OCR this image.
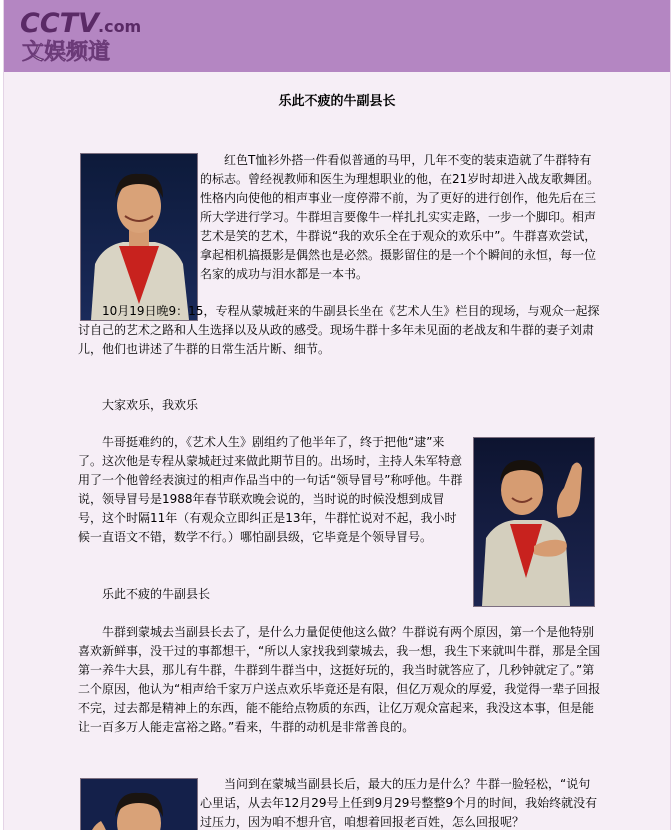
CCTV .com
文娱频道
乐此不疲的牛副县长

红色T恤衫外搭一件看似普通的马甲，几年不变的装束造就了牛群特有的标志。曾经视教师和医生为理想职业的他，在21岁时却进入战友歌舞团。性格内向使他的相声事业一度停滞不前，为了更好的进行创作，他先后在三所大学进行学习。牛群坦言要像牛一样扎扎实实走路，一步一个脚印。相声艺术是笑的艺术，牛群说“我的欢乐全在于观众的欢乐中”。牛群喜欢尝试，拿起相机搞摄影是偶然也是必然。摄影留住的是一个个瞬间的永恒，每一位名家的成功与泪水都是一本书。

10月19日晚9：15，专程从蒙城赶来的牛副县长坐在《艺术人生》栏目的现场，与观众一起探讨自己的艺术之路和人生选择以及从政的感受。现场牛群十多年未见面的老战友和牛群的妻子刘肃儿，他们也讲述了牛群的日常生活片断、细节。

大家欢乐，我欢乐

牛哥挺难约的，《艺术人生》剧组约了他半年了，终于把他“逮”来了。这次他是专程从蒙城赶过来做此期节目的。出场时，主持人朱军特意用了一个他曾经表演过的相声作品当中的一句话“领导冒号”称呼他。牛群说，领导冒号是1988年春节联欢晚会说的，当时说的时候没想到成冒号，这个时隔11年（有观众立即纠正是13年，牛群忙说对不起，我小时候一直语文不错，数学不行。）哪怕副县级，它毕竟是个领导冒号。

乐此不疲的牛副县长

牛群到蒙城去当副县长去了，是什么力量促使他这么做？牛群说有两个原因，第一个是他特别喜欢新鲜事，没干过的事都想干，“所以人家找我到蒙城去，我一想，我生下来就叫牛群，那是全国第一养牛大县，那儿有牛群，牛群到牛群当中，这挺好玩的，我当时就答应了，几秒钟就定了。”第二个原因，他认为“相声给千家万户送点欢乐毕竟还是有限，但亿万观众的厚爱，我觉得一辈子回报不完，过去都是精神上的东西，能不能给点物质的东西，让亿万观众富起来，我没这本事，但是能让一百多万人能走富裕之路。”看来，牛群的动机是非常善良的。

当问到在蒙城当副县长后，最大的压力是什么？牛群一脸轻松，“说句心里话，从去年12月29号上任到9月29号整整9个月的时间，我始终就没有过压力，因为咱不想升官，咱想着回报老百姓，怎么回报呢？
